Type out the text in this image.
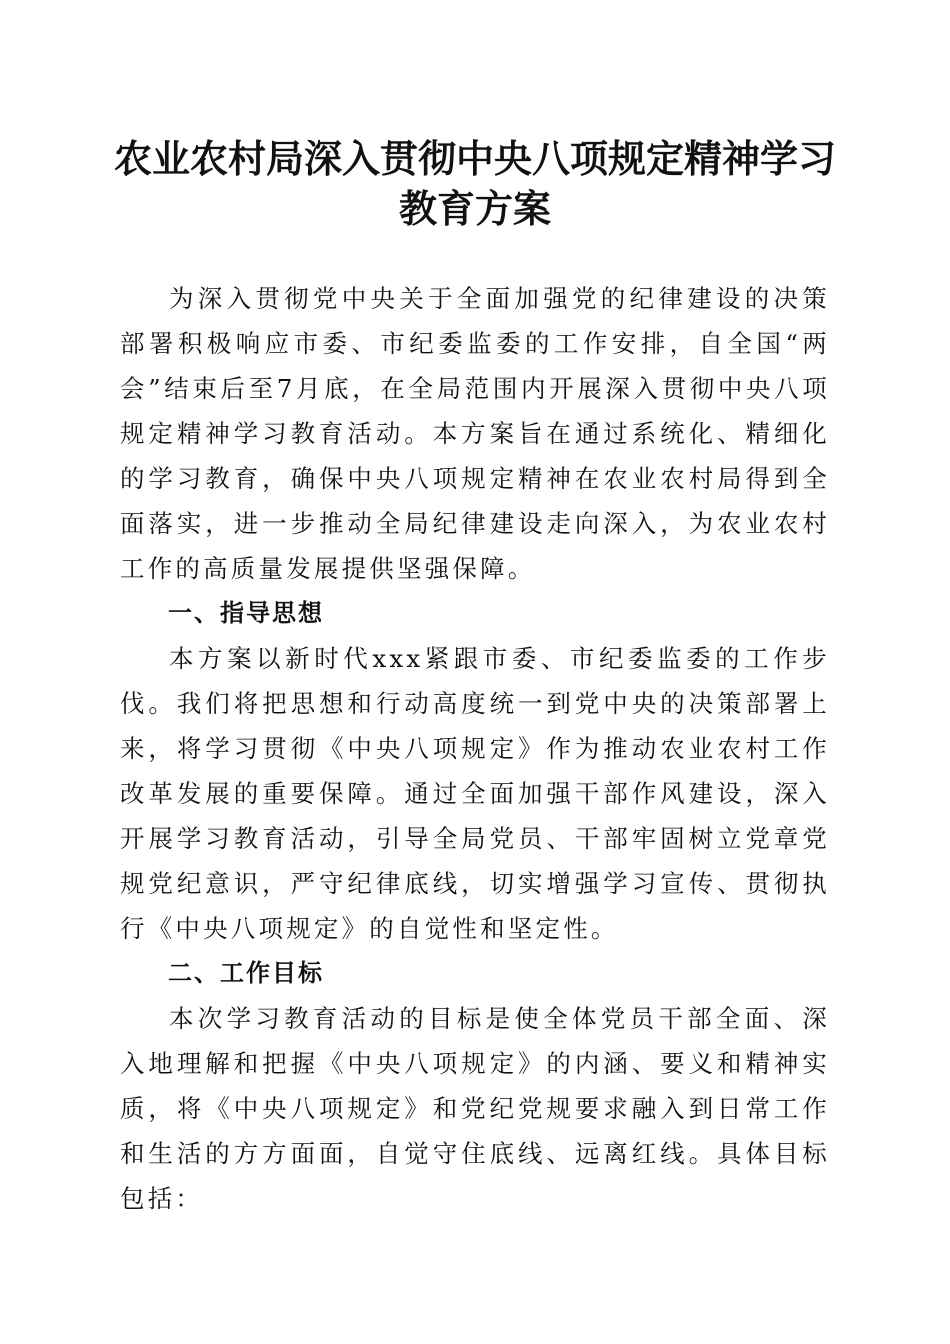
农业农村局深入贯彻中央八项规定精神学习教育方案

为深入贯彻党中央关于全面加强党的纪律建设的决策部署积极响应市委、市纪委监委的工作安排，自全国“两会”结束后至7月底，在全局范围内开展深入贯彻中央八项规定精神学习教育活动。本方案旨在通过系统化、精细化的学习教育，确保中央八项规定精神在农业农村局得到全面落实，进一步推动全局纪律建设走向深入，为农业农村工作的高质量发展提供坚强保障。

一、指导思想

本方案以新时代xxx紧跟市委、市纪委监委的工作步伐。我们将把思想和行动高度统一到党中央的决策部署上来，将学习贯彻《中央八项规定》作为推动农业农村工作改革发展的重要保障。通过全面加强干部作风建设，深入开展学习教育活动，引导全局党员、干部牢固树立党章党规党纪意识，严守纪律底线，切实增强学习宣传、贯彻执行《中央八项规定》的自觉性和坚定性。

二、工作目标

本次学习教育活动的目标是使全体党员干部全面、深入地理解和把握《中央八项规定》的内涵、要义和精神实质，将《中央八项规定》和党纪党规要求融入到日常工作和生活的方方面面，自觉守住底线、远离红线。具体目标包括：
